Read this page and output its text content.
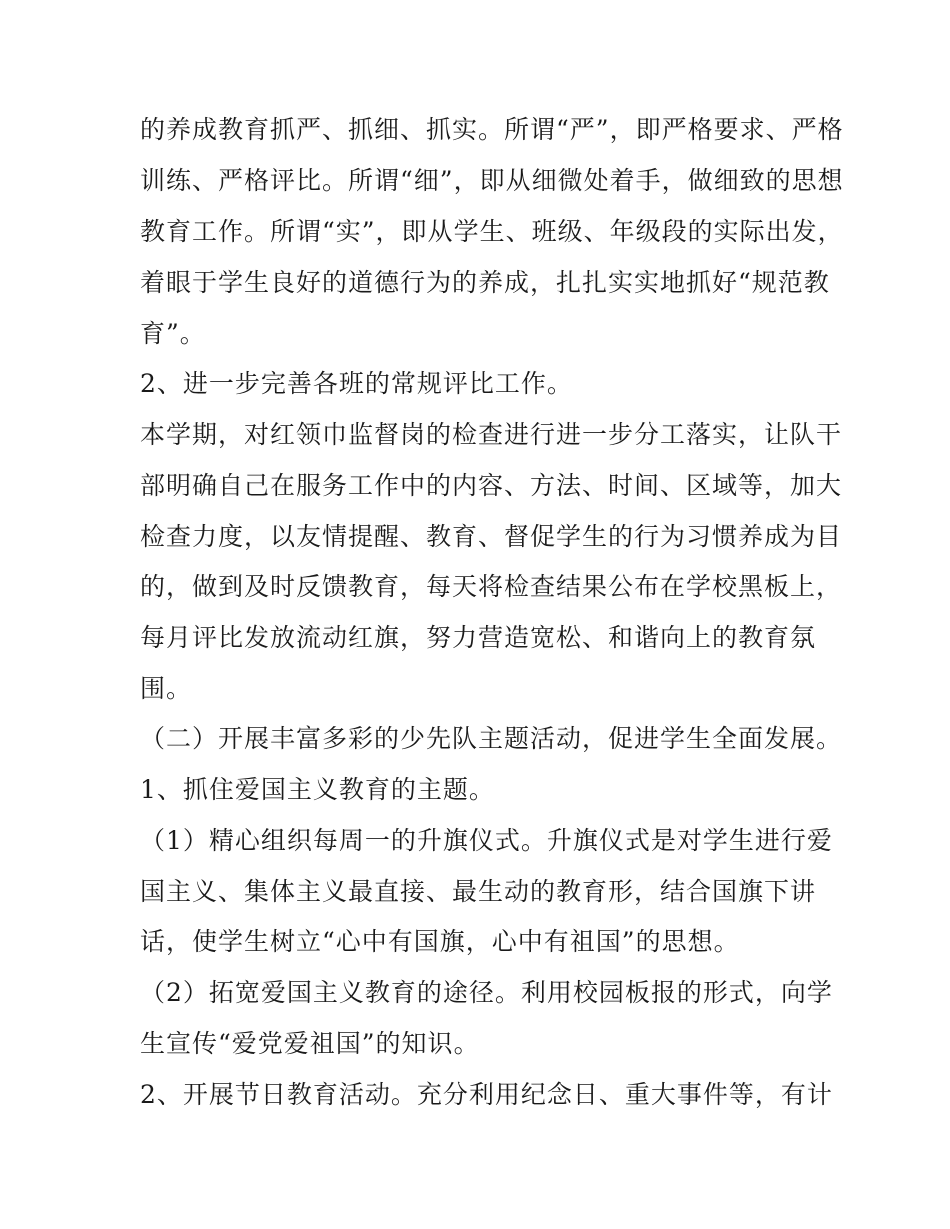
的养成教育抓严、抓细、抓实。所谓“严”，即严格要求、严格
训练、严格评比。所谓“细”，即从细微处着手，做细致的思想
教育工作。所谓“实”，即从学生、班级、年级段的实际出发，
着眼于学生良好的道德行为的养成，扎扎实实地抓好“规范教
育”。
2、进一步完善各班的常规评比工作。
本学期，对红领巾监督岗的检查进行进一步分工落实，让队干
部明确自己在服务工作中的内容、方法、时间、区域等，加大
检查力度，以友情提醒、教育、督促学生的行为习惯养成为目
的，做到及时反馈教育，每天将检查结果公布在学校黑板上，
每月评比发放流动红旗，努力营造宽松、和谐向上的教育氛
围。
（二）开展丰富多彩的少先队主题活动，促进学生全面发展。
1、抓住爱国主义教育的主题。
（1）精心组织每周一的升旗仪式。升旗仪式是对学生进行爱
国主义、集体主义最直接、最生动的教育形，结合国旗下讲
话，使学生树立“心中有国旗，心中有祖国”的思想。
（2）拓宽爱国主义教育的途径。利用校园板报的形式，向学
生宣传“爱党爱祖国”的知识。
2、开展节日教育活动。充分利用纪念日、重大事件等，有计
